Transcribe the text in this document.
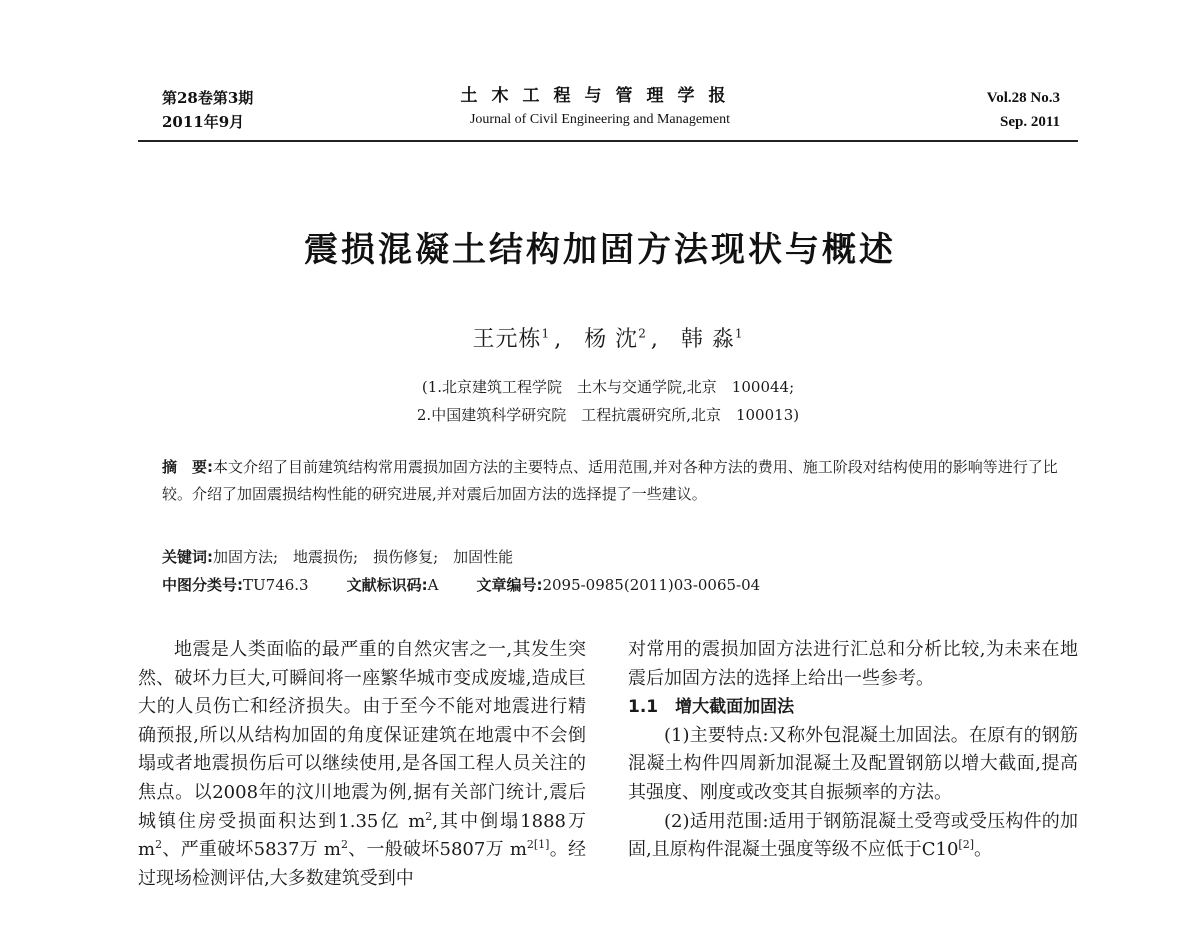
第28卷第3期
2011年9月
土木工程与管理学报
Journal of Civil Engineering and Management
Vol.28 No.3
Sep. 2011
震损混凝土结构加固方法现状与概述
王元栋$^1$ , 杨 沈$^2$ , 韩 淼$^1$
(1.北京建筑工程学院　土木与交通学院,北京　100044;
2.中国建筑科学研究院　工程抗震研究所,北京　100013)
摘　要:本文介绍了目前建筑结构常用震损加固方法的主要特点、适用范围,并对各种方法的费用、施工阶段对结构使用的影响等进行了比较。介绍了加固震损结构性能的研究进展,并对震后加固方法的选择提了一些建议。
关键词:加固方法;　地震损伤;　损伤修复;　加固性能
中图分类号:TU746.3	文献标识码:A	文章编号:2095-0985(2011)03-0065-04

地震是人类面临的最严重的自然灾害之一,其发生突然、破坏力巨大,可瞬间将一座繁华城市变成废墟,造成巨大的人员伤亡和经济损失。由于至今不能对地震进行精确预报,所以从结构加固的角度保证建筑在地震中不会倒塌或者地震损伤后可以继续使用,是各国工程人员关注的焦点。以2008年的汶川地震为例,据有关部门统计,震后城镇住房受损面积达到1.35亿 $m^2$,其中倒塌1888万 $m^2$、严重破坏5837万 $m^2$、一般破坏5807万 $m^{2[1]}$。经过现场检测评估,大多数建筑受到中

对常用的震损加固方法进行汇总和分析比较,为未来在地震后加固方法的选择上给出一些参考。

1.1　增大截面加固法

(1)主要特点:又称外包混凝土加固法。在原有的钢筋混凝土构件四周新加混凝土及配置钢筋以增大截面,提高其强度、刚度或改变其自振频率的方法。

(2)适用范围:适用于钢筋混凝土受弯或受压构件的加固,且原构件混凝土强度等级不应低于C10[2]。
